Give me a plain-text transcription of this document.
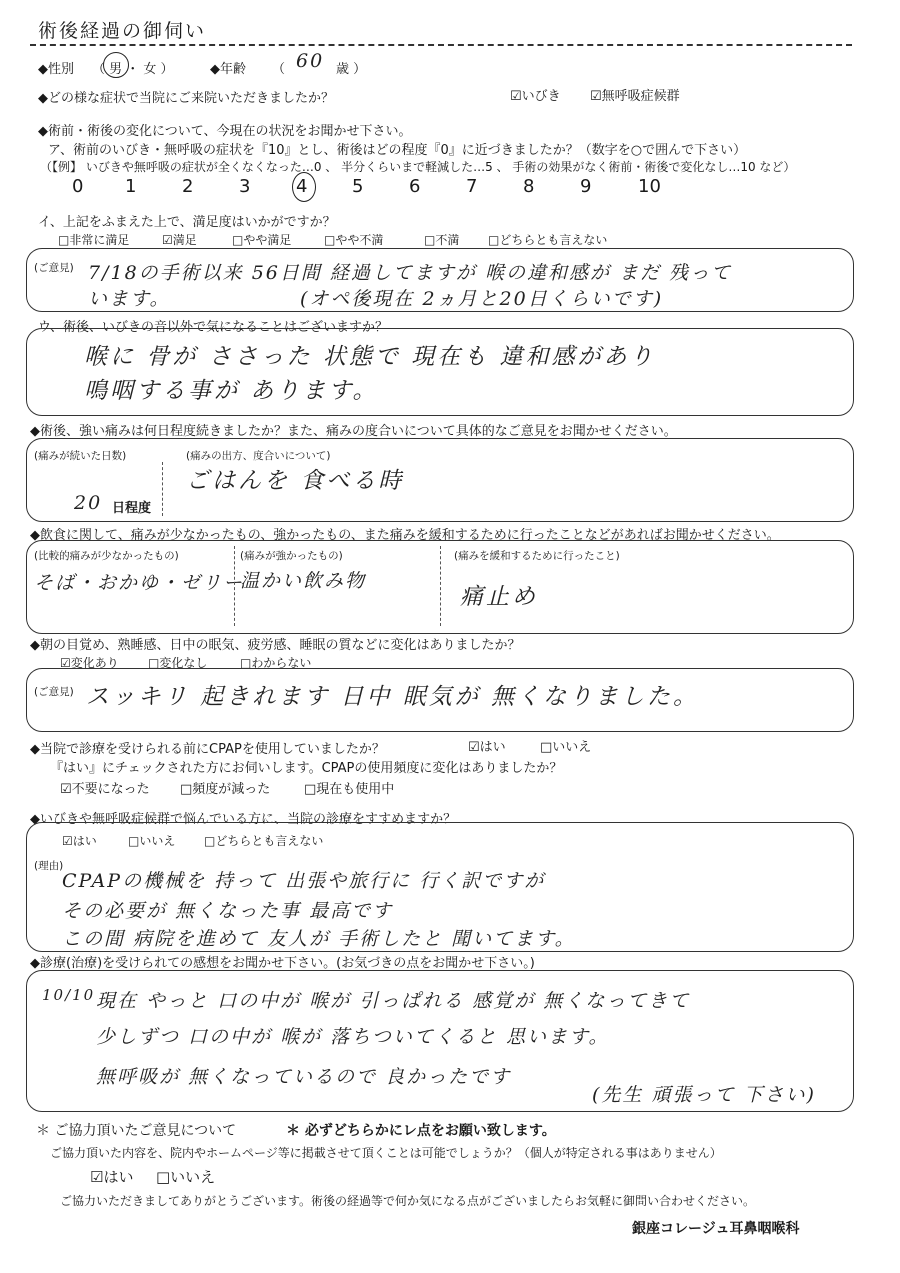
術後経過の御伺い
◆性別 （ 男 ・ 女 ）	◆年齢 （ 60 歳 ）
◆どの様な症状で当院にご来院いただきましたか？	☑いびき ☑無呼吸症候群
◆術前・術後の変化について、今現在の状況をお聞かせ下さい。
ア、術前のいびき・無呼吸の症状を『10』とし、術後はどの程度『0』に近づきましたか？（数字を○で囲んで下さい）
（【例】 いびきや無呼吸の症状が全くなくなった…0 、 半分くらいまで軽減した…5 、 手術の効果がなく術前・術後で変化なし…10 など）
0 1	2	3	4 5	6	7	8	9	10
イ、上記をふまえた上で、満足度はいかがですか？
□非常に満足	☑満足	□やや満足	□やや不満	□不満 □どちらとも言えない
(ご意見) 7/18の手術以来 56日間 経過してますが 喉の違和感が まだ 残って
います。	(オペ後現在 2ヵ月と20日くらいです)
ウ、術後、いびきの音以外で気になることはございますか？
喉に 骨が ささった 状態で 現在も 違和感があり
鳴咽する事が あります。
◆術後、強い痛みは何日程度続きましたか？また、痛みの度合いについて具体的なご意見をお聞かせください。
(痛みが続いた日数)
20 日程度
(痛みの出方、度合いについて)
ごはんを 食べる時
◆飲食に関して、痛みが少なかったもの、強かったもの、また痛みを緩和するために行ったことなどがあればお聞かせください。
(比較的痛みが少なかったもの)
そば・おかゆ・ゼリー
(痛みが強かったもの)
温かい飲み物
(痛みを緩和するために行ったこと)
痛止め
◆朝の目覚め、熟睡感、日中の眠気、疲労感、睡眠の質などに変化はありましたか？
☑変化あり □変化なし	□わからない
(ご意見) スッキリ 起きれます 日中 眠気が 無くなりました。
◆当院で診療を受けられる前にCPAPを使用していましたか？	☑はい	□いいえ
『はい』にチェックされた方にお伺いします。CPAPの使用頻度に変化はありましたか？
☑不要になった □頻度が減った	□現在も使用中
◆いびきや無呼吸症候群で悩んでいる方に、当院の診療をすすめますか？
☑はい	□いいえ □どちらとも言えない
(理由)
CPAPの機械を 持って 出張や旅行に 行く訳ですが
その必要が 無くなった事 最高です
この間 病院を進めて 友人が 手術したと 聞いてます。
◆診療(治療)を受けられての感想をお聞かせ下さい。(お気づきの点をお聞かせ下さい。)
10/10 現在 やっと 口の中が 喉が 引っぱれる 感覚が 無くなってきて
少しずつ 口の中が 喉が 落ちついてくると 思います。
無呼吸が 無くなっているので 良かったです
(先生 頑張って 下さい)
＊ ご協力頂いたご意見について	＊ 必ずどちらかにレ点をお願い致します。
ご協力頂いた内容を、院内やホームページ等に掲載させて頂くことは可能でしょうか？（個人が特定される事はありません）
☑はい □いいえ
ご協力いただきましてありがとうございます。術後の経過等で何か気になる点がございましたらお気軽に御問い合わせください。
銀座コレージュ耳鼻咽喉科
